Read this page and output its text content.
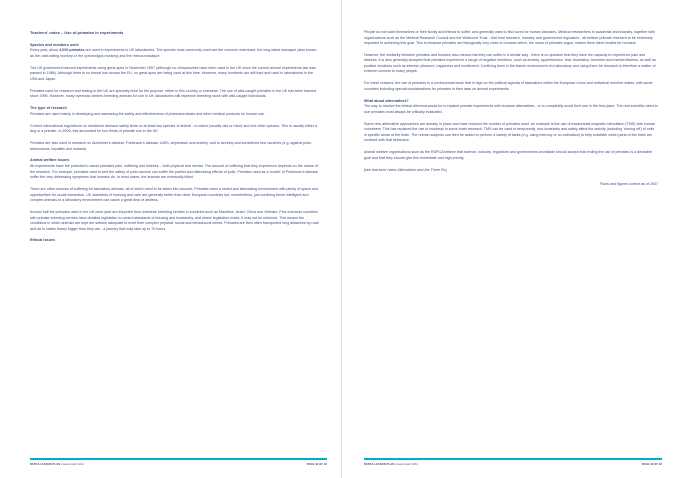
Teachers' notes – Use of primates in experiments
Species and numbers used

Every year, about 3,000 primates are used in experiments in UK laboratories. The species most commonly used are the common marmoset, the long-tailed macaque (also known as the crab-eating monkey or the cynomolgus monkey) and the rhesus macaque.

The UK government banned experiments using great apes in November 1997 (although no chimpanzees have been used in the UK since the current animal experiments law was passed in 1986). Although there is no formal ban across the EU, no great apes are being used at this time. However, many hundreds are still kept and used in laboratories in the USA and Japan.

Primates used for research and testing in the UK are specially bred for the purpose, either in this country or overseas. The use of wild-caught primates in the UK has been banned since 1995. However, many overseas centres breeding animals for use in UK laboratories still replenish breeding stock with wild-caught individuals.

The type of research

Primates are used mainly in developing and assessing the safety and effectiveness of pharmaceuticals and other medical products for human use.

Current international regulations on medicines demand safety tests on at least two species of animal - a rodent (usually rats or mice) and one other species. This is usually either a dog or a primate. In 2006, this accounted for two thirds of primate use in the UK.

Primates are also used in research on Alzheimer's disease, Parkinson's disease, AIDS, depression and anxiety, and to develop and sometimes test vaccines (e.g. against polio, tuberculosis, hepatitis and malaria).

Animal welfare issues

All experiments have the potential to cause primates pain, suffering and distress – both physical and mental. The amount of suffering that they experience depends on the nature of the research. For example, primates used to test the safety of polio vaccine can suffer the painful and distressing effects of polio. Primates used as a 'model' of Parkinson's disease suffer the very distressing symptoms that humans do. In most cases, the animals are eventually killed.

There are other sources of suffering for laboratory animals, all of which need to be taken into account. Primates need a varied and stimulating environment with plenty of space and opportunities for social interaction. UK standards of housing and care are generally better than other European countries but, nevertheless, just confining these intelligent and complex animals to a laboratory environment can cause a great deal of distress.

Around half the primates used in the UK each year are imported from overseas breeding centres in countries such as Mauritius, Israel, China and Vietnam. Few overseas countries with primate breeding centres have detailed legislation to control standards of housing and husbandry, and where legislation exists, it may not be enforced. This means the conditions in which animals are kept are seldom adequate to meet their complex physical, social and behavioural needs. Primates are then often transported long distances by road and air in crates barely bigger than they are - a journey that may take up to 70 hours.

Ethical issues
RSPCA LESSON PLAN created April 2014	PAGE 32 OF 33

People do not want themselves or their family and friends to suffer, and generally want to find cures for human diseases. Medical researchers in academia and industry, together with organisations such as the Medical Research Council and the Wellcome Trust - that fund research, industry and government regulators - all believe primate research to be extremely important to achieving this goal. This is because primates are biologically very close to humans which, the users of primates argue, makes them ideal models for humans.

However, the similarity between primates and humans also means that they can suffer in a similar way - there is no question that they have the capacity to experience pain and distress. It is also generally accepted that primates experience a range of negative emotions, such as anxiety, apprehension, fear, frustration, boredom and mental distress, as well as positive emotions such as interest, pleasure, happiness and excitement. Confining them in the barren environment of a laboratory and using them for research is therefore a matter of extreme concern to many people.

For these reasons, the use of primates is a controversial issue that is high on the political agenda of lawmakers within the European Union and individual member states, with some countries including special considerations for primates in their laws on animal experiments.

What about alternatives?

The way to resolve the ethical dilemma would be to replace primate experiments with humane alternatives - or to completely avoid their use in the first place. The real scientific need to use primates must always be critically evaluated.

Some new alternative approaches are already in place and have reduced the number of primates used. An example is the use of transcranial magnetic stimulation (TMS) with human volunteers. This has replaced the use of monkeys in some brain research. TMS can be used to temporarily, non-invasively and safely affect the activity (including 'turning off') of cells in specific areas of the brain. The human subjects can then be asked to perform a variety of tasks (e.g. using memory or co-ordination) to help establish which parts of the brain are involved with that behaviour.

Animal welfare organisations such as the RSPCA believe that science, industry, regulators and governments worldwide should accept that ending the use of primates is a desirable goal and that they should give this immediate and high priority.

[see teachers' notes Alternatives and the Three Rs]

Facts and figures correct as of 2007

RSPCA LESSON PLAN created April 2014	PAGE 33 OF 33
